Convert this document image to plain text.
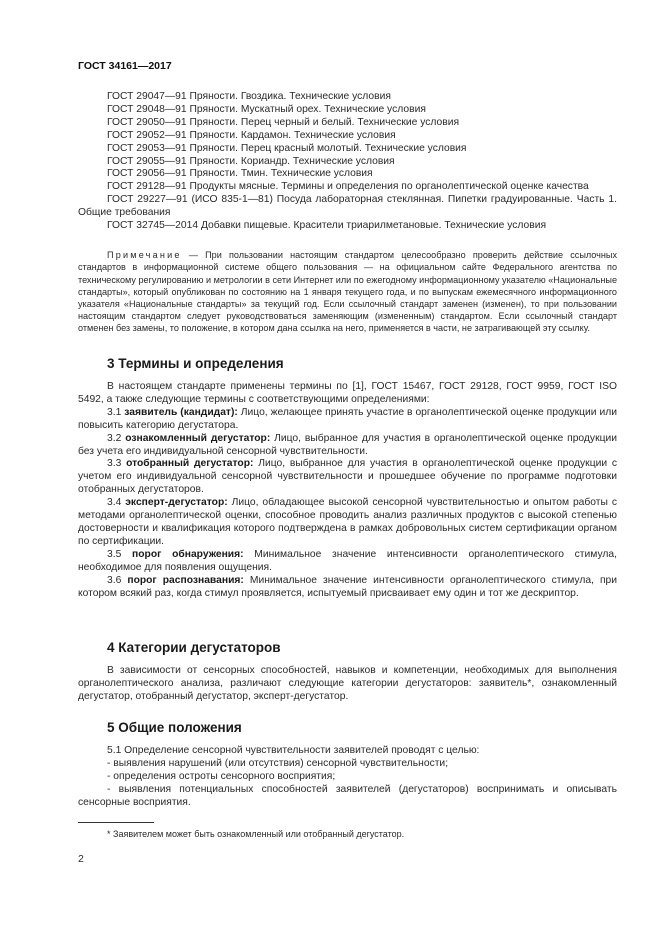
ГОСТ 34161—2017

ГОСТ 29047—91 Пряности. Гвоздика. Технические условия

ГОСТ 29048—91 Пряности. Мускатный орех. Технические условия

ГОСТ 29050—91 Пряности. Перец черный и белый. Технические условия

ГОСТ 29052—91 Пряности. Кардамон. Технические условия

ГОСТ 29053—91 Пряности. Перец красный молотый. Технические условия

ГОСТ 29055—91 Пряности. Кориандр. Технические условия

ГОСТ 29056—91 Пряности. Тмин. Технические условия

ГОСТ 29128—91 Продукты мясные. Термины и определения по органолептической оценке качества

ГОСТ 29227—91 (ИСО 835-1—81) Посуда лабораторная стеклянная. Пипетки градуированные. Часть 1. Общие требования

ГОСТ 32745—2014 Добавки пищевые. Красители триарилметановые. Технические условия

Примечание — При пользовании настоящим стандартом целесообразно проверить действие ссылочных стандартов в информационной системе общего пользования — на официальном сайте Федерального агентства по техническому регулированию и метрологии в сети Интернет или по ежегодному информационному указателю «Национальные стандарты», который опубликован по состоянию на 1 января текущего года, и по выпускам ежемесячного информационного указателя «Национальные стандарты» за текущий год. Если ссылочный стандарт заменен (изменен), то при пользовании настоящим стандартом следует руководствоваться заменяющим (измененным) стандартом. Если ссылочный стандарт отменен без замены, то положение, в котором дана ссылка на него, применяется в части, не затрагивающей эту ссылку.

3 Термины и определения

В настоящем стандарте применены термины по [1], ГОСТ 15467, ГОСТ 29128, ГОСТ 9959, ГОСТ ISO 5492, а также следующие термины с соответствующими определениями:

3.1 заявитель (кандидат): Лицо, желающее принять участие в органолептической оценке продукции или повысить категорию дегустатора.

3.2 ознакомленный дегустатор: Лицо, выбранное для участия в органолептической оценке продукции без учета его индивидуальной сенсорной чувствительности.

3.3 отобранный дегустатор: Лицо, выбранное для участия в органолептической оценке продукции с учетом его индивидуальной сенсорной чувствительности и прошедшее обучение по программе подготовки отобранных дегустаторов.

3.4 эксперт-дегустатор: Лицо, обладающее высокой сенсорной чувствительностью и опытом работы с методами органолептической оценки, способное проводить анализ различных продуктов с высокой степенью достоверности и квалификация которого подтверждена в рамках добровольных систем сертификации органом по сертификации.

3.5 порог обнаружения: Минимальное значение интенсивности органолептического стимула, необходимое для появления ощущения.

3.6 порог распознавания: Минимальное значение интенсивности органолептического стимула, при котором всякий раз, когда стимул проявляется, испытуемый присваивает ему один и тот же дескриптор.

4 Категории дегустаторов

В зависимости от сенсорных способностей, навыков и компетенции, необходимых для выполнения органолептического анализа, различают следующие категории дегустаторов: заявитель*, ознакомленный дегустатор, отобранный дегустатор, эксперт-дегустатор.

5 Общие положения

5.1 Определение сенсорной чувствительности заявителей проводят с целью:

- выявления нарушений (или отсутствия) сенсорной чувствительности;

- определения остроты сенсорного восприятия;

- выявления потенциальных способностей заявителей (дегустаторов) воспринимать и описывать сенсорные восприятия.

* Заявителем может быть ознакомленный или отобранный дегустатор.
2
